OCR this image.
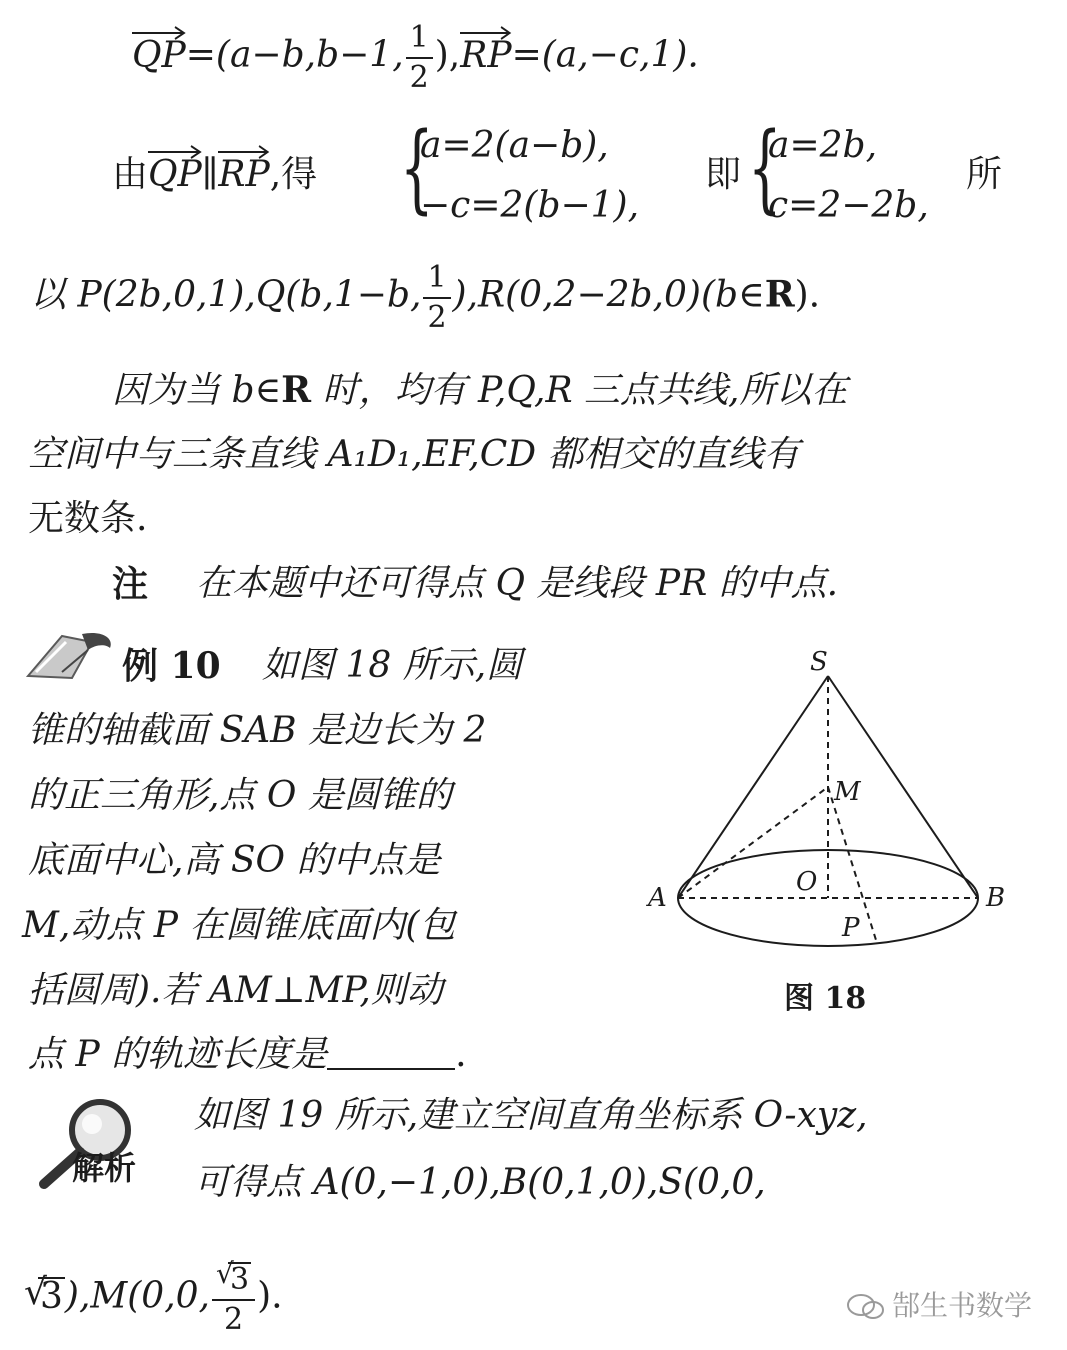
QP=(a−b,b−1, $\frac{1}{2}$ ),
RP=(a,−c,1).
由
QP∥
RP,得 {
a=2(a−b),
−c=2(b−1),
即 {
a=2b,
c=2−2b,
所
以 P(2b,0,1),Q(b,1−b, $\frac{1}{2}$ ),R(0,2−2b,0)(b∈R).
因为当 b∈R 时，均有 P,Q,R 三点共线,所以在
空间中与三条直线 A₁D₁,EF,CD 都相交的直线有
无数条.
注 在本题中还可得点 Q 是线段 PR 的中点.
例 10 如图 18 所示,圆
锥的轴截面 SAB 是边长为 2
的正三角形,点 O 是圆锥的
底面中心,高 SO 的中点是
M,动点 P 在圆锥底面内(包
括圆周).若 AM⊥MP,则动
点 P 的轨迹长度是	.
S
M
O
A	B
P
图 18
解析
如图 19 所示,建立空间直角坐标系 O-xyz,
可得点 A(0,−1,0),B(0,1,0),S(0,0,
√
3),M(0,0, √
3
2 ).	郜生书数学
